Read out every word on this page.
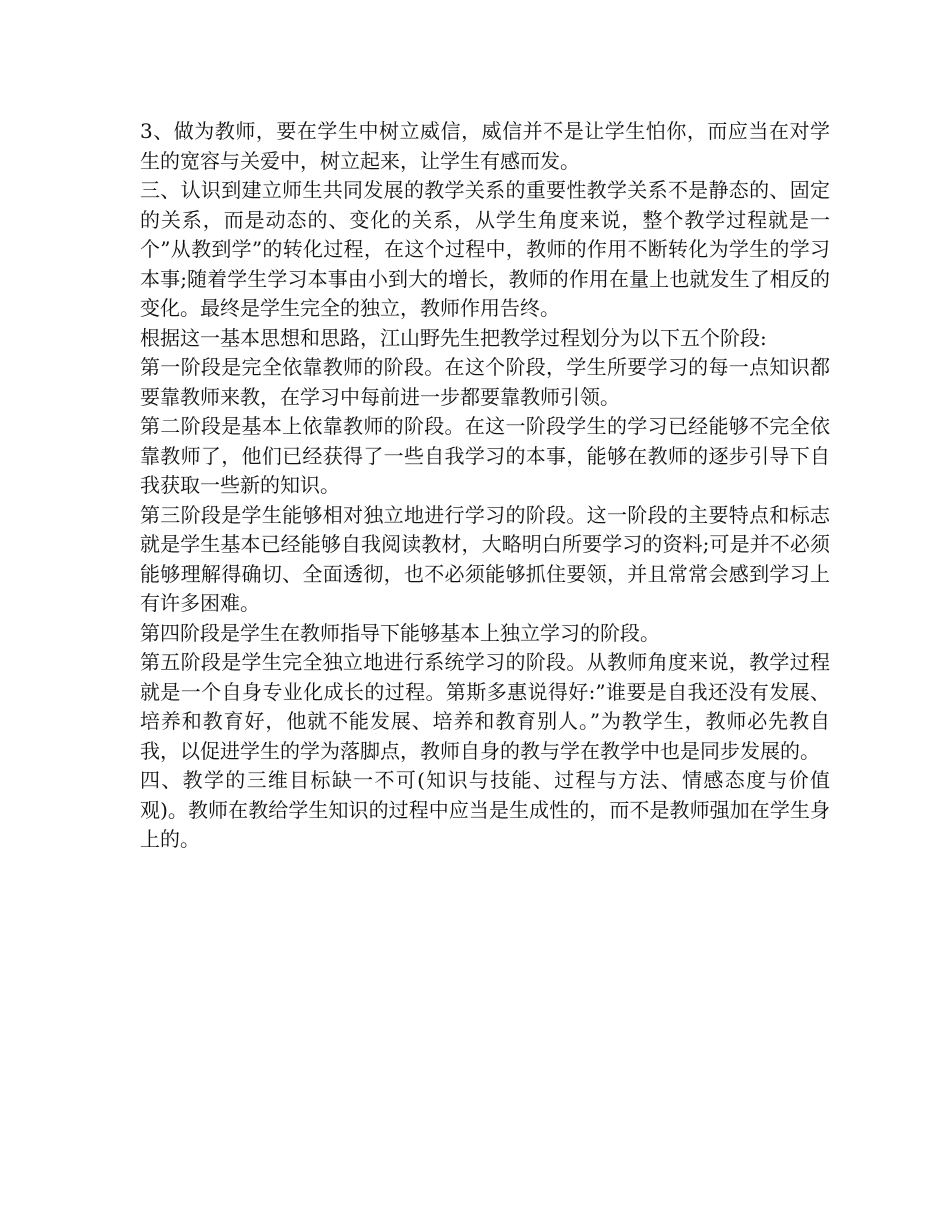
3、做为教师，要在学生中树立威信，威信并不是让学生怕你，而应当在对学生的宽容与关爱中，树立起来，让学生有感而发。

三、认识到建立师生共同发展的教学关系的重要性教学关系不是静态的、固定的关系，而是动态的、变化的关系，从学生角度来说，整个教学过程就是一个”从教到学”的转化过程，在这个过程中，教师的作用不断转化为学生的学习本事;随着学生学习本事由小到大的增长，教师的作用在量上也就发生了相反的变化。最终是学生完全的独立，教师作用告终。

根据这一基本思想和思路，江山野先生把教学过程划分为以下五个阶段:

第一阶段是完全依靠教师的阶段。在这个阶段，学生所要学习的每一点知识都要靠教师来教，在学习中每前进一步都要靠教师引领。

第二阶段是基本上依靠教师的阶段。在这一阶段学生的学习已经能够不完全依靠教师了，他们已经获得了一些自我学习的本事，能够在教师的逐步引导下自我获取一些新的知识。

第三阶段是学生能够相对独立地进行学习的阶段。这一阶段的主要特点和标志就是学生基本已经能够自我阅读教材，大略明白所要学习的资料;可是并不必须能够理解得确切、全面透彻，也不必须能够抓住要领，并且常常会感到学习上有许多困难。

第四阶段是学生在教师指导下能够基本上独立学习的阶段。

第五阶段是学生完全独立地进行系统学习的阶段。从教师角度来说，教学过程就是一个自身专业化成长的过程。第斯多惠说得好:”谁要是自我还没有发展、培养和教育好，他就不能发展、培养和教育别人。”为教学生，教师必先教自我，以促进学生的学为落脚点，教师自身的教与学在教学中也是同步发展的。

四、教学的三维目标缺一不可(知识与技能、过程与方法、情感态度与价值观)。教师在教给学生知识的过程中应当是生成性的，而不是教师强加在学生身上的。
